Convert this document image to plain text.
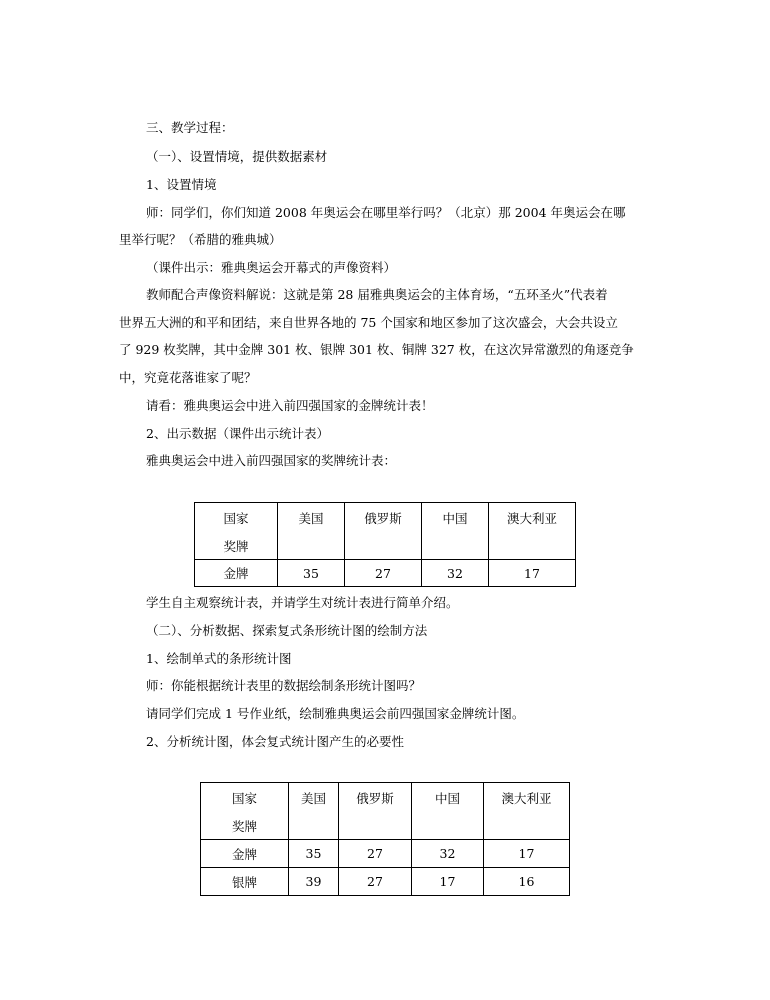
三、教学过程：
（一）、设置情境，提供数据素材
1、设置情境
师：同学们，你们知道 2008 年奥运会在哪里举行吗？（北京）那 2004 年奥运会在哪
里举行呢？（希腊的雅典城）
（课件出示：雅典奥运会开幕式的声像资料）
教师配合声像资料解说：这就是第 28 届雅典奥运会的主体育场，“五环圣火”代表着
世界五大洲的和平和团结，来自世界各地的 75 个国家和地区参加了这次盛会，大会共设立
了 929 枚奖牌，其中金牌 301 枚、银牌 301 枚、铜牌 327 枚，在这次异常激烈的角逐竞争
中，究竟花落谁家了呢？
请看：雅典奥运会中进入前四强国家的金牌统计表！
2、出示数据（课件出示统计表）
雅典奥运会中进入前四强国家的奖牌统计表：
国家
奖牌	美国	俄罗斯	中国	澳大利亚
金牌	35	27	32	17
学生自主观察统计表，并请学生对统计表进行简单介绍。
（二）、分析数据、探索复式条形统计图的绘制方法
1、绘制单式的条形统计图
师：你能根据统计表里的数据绘制条形统计图吗？
请同学们完成 1 号作业纸，绘制雅典奥运会前四强国家金牌统计图。
2、分析统计图，体会复式统计图产生的必要性
国家
奖牌	美国	俄罗斯	中国	澳大利亚
金牌	35	27	32	17
银牌	39	27	17	16
